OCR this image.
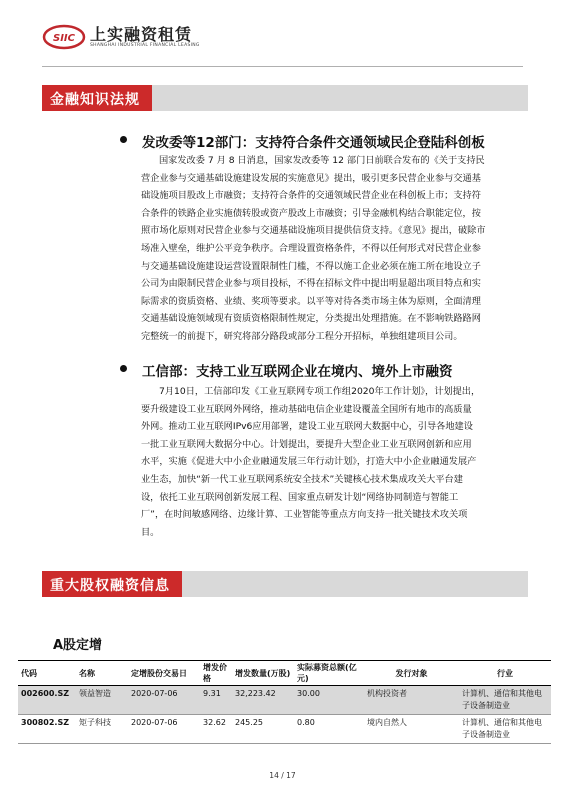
SIIC 上实融资租赁
SHANGHAI INDUSTRIAL FINANCIAL LEASING
金融知识法规
发改委等12部门：支持符合条件交通领域民企登陆科创板
国家发改委 7 月 8 日消息，国家发改委等 12 部门日前联合发布的《关于支持民
营企业参与交通基础设施建设发展的实施意见》提出，吸引更多民营企业参与交通基
础设施项目股改上市融资；支持符合条件的交通领域民营企业在科创板上市；支持符
合条件的铁路企业实施债转股或资产股改上市融资；引导金融机构结合职能定位，按
照市场化原则对民营企业参与交通基础设施项目提供信贷支持。《意见》提出，破除市
场准入壁垒，维护公平竞争秩序。合理设置资格条件，不得以任何形式对民营企业参
与交通基础设施建设运营设置限制性门槛，不得以施工企业必须在施工所在地设立子
公司为由限制民营企业参与项目投标，不得在招标文件中提出明显超出项目特点和实
际需求的资质资格、业绩、奖项等要求。以平等对待各类市场主体为原则，全面清理
交通基础设施领域现有资质资格限制性规定，分类提出处理措施。在不影响铁路路网
完整统一的前提下，研究将部分路段或部分工程分开招标，单独组建项目公司。
工信部：支持工业互联网企业在境内、境外上市融资
7月10日，工信部印发《工业互联网专项工作组2020年工作计划》，计划提出，
要升级建设工业互联网外网络，推动基础电信企业建设覆盖全国所有地市的高质量
外网。推动工业互联网IPv6应用部署，建设工业互联网大数据中心，引导各地建设
一批工业互联网大数据分中心。计划提出，要提升大型企业工业互联网创新和应用
水平，实施《促进大中小企业融通发展三年行动计划》，打造大中小企业融通发展产
业生态，加快“新一代工业互联网系统安全技术”关键核心技术集成攻关大平台建
设，依托工业互联网创新发展工程、国家重点研发计划“网络协同制造与智能工
厂”，在时间敏感网络、边缘计算、工业智能等重点方向支持一批关键技术攻关项
目。
重大股权融资信息
A股定增
代码	名称	定增股份交易日	增发价格	增发数量(万股)	实际募资总额(亿元)	发行对象	行业
002600.SZ	领益智造	2020-07-06	9.31	32,223.42	30.00	机构投资者	计算机、通信和其他电子设备制造业
300802.SZ	矩子科技	2020-07-06	32.62	245.25	0.80	境内自然人	计算机、通信和其他电子设备制造业
14 / 17
